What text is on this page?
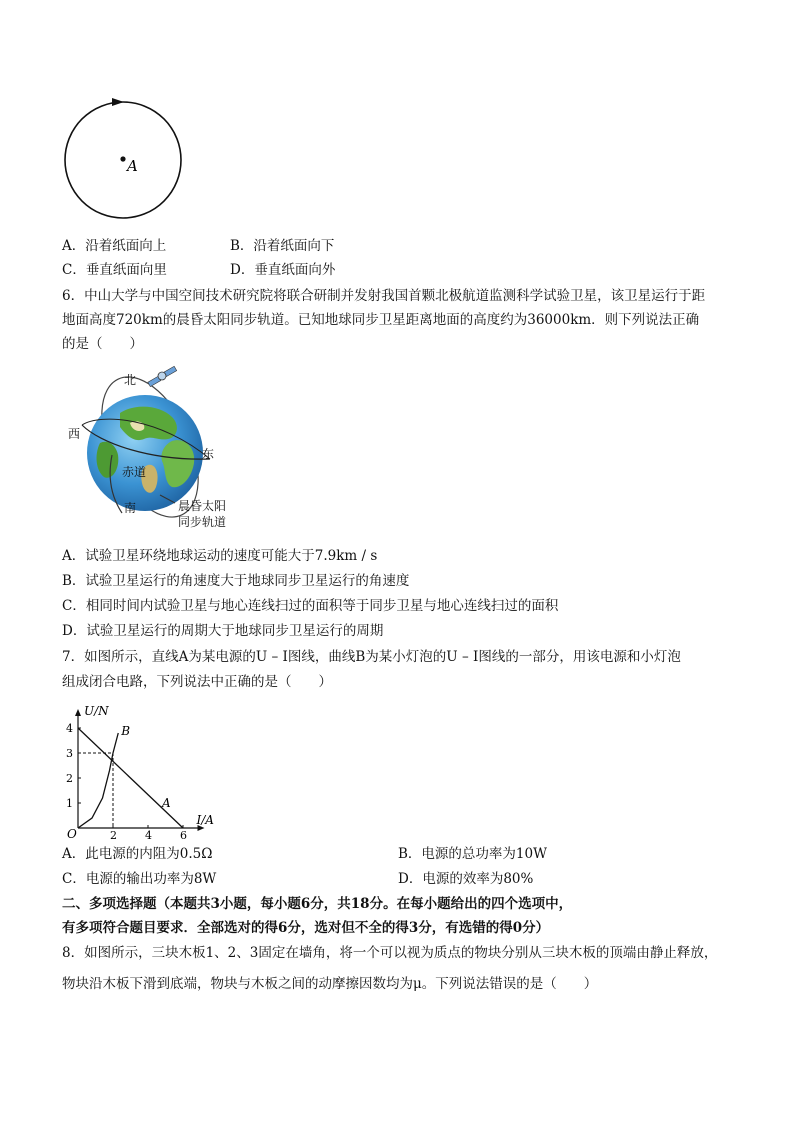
A
A．沿着纸面向上	B．沿着纸面向下
C．垂直纸面向里	D．垂直纸面向外
6．中山大学与中国空间技术研究院将联合研制并发射我国首颗北极航道监测科学试验卫星，该卫星运行于距
地面高度720km的晨昏太阳同步轨道。已知地球同步卫星距离地面的高度约为36000km．则下列说法正确
的是（　　）
北
西
东
南
赤道
晨昏太阳
同步轨道
A．试验卫星环绕地球运动的速度可能大于7.9km / s
B．试验卫星运行的角速度大于地球同步卫星运行的角速度
C．相同时间内试验卫星与地心连线扫过的面积等于同步卫星与地心连线扫过的面积
D．试验卫星运行的周期大于地球同步卫星运行的周期
7．如图所示，直线A为某电源的U – I图线，曲线B为某小灯泡的U – I图线的一部分，用该电源和小灯泡
组成闭合电路，下列说法中正确的是（　　）
U/N
I/A
O	2	4	6
1
2
3
4
A
B
A．此电源的内阻为0.5Ω	B．电源的总功率为10W
C．电源的输出功率为8W	D．电源的效率为80%
二、多项选择题（本题共3小题，每小题6分，共18分。在每小题给出的四个选项中，
有多项符合题目要求．全部选对的得6分，选对但不全的得3分，有选错的得0分）
8．如图所示，三块木板1、2、3固定在墙角，将一个可以视为质点的物块分别从三块木板的顶端由静止释放，
物块沿木板下滑到底端，物块与木板之间的动摩擦因数均为μ。下列说法错误的是（　　）
